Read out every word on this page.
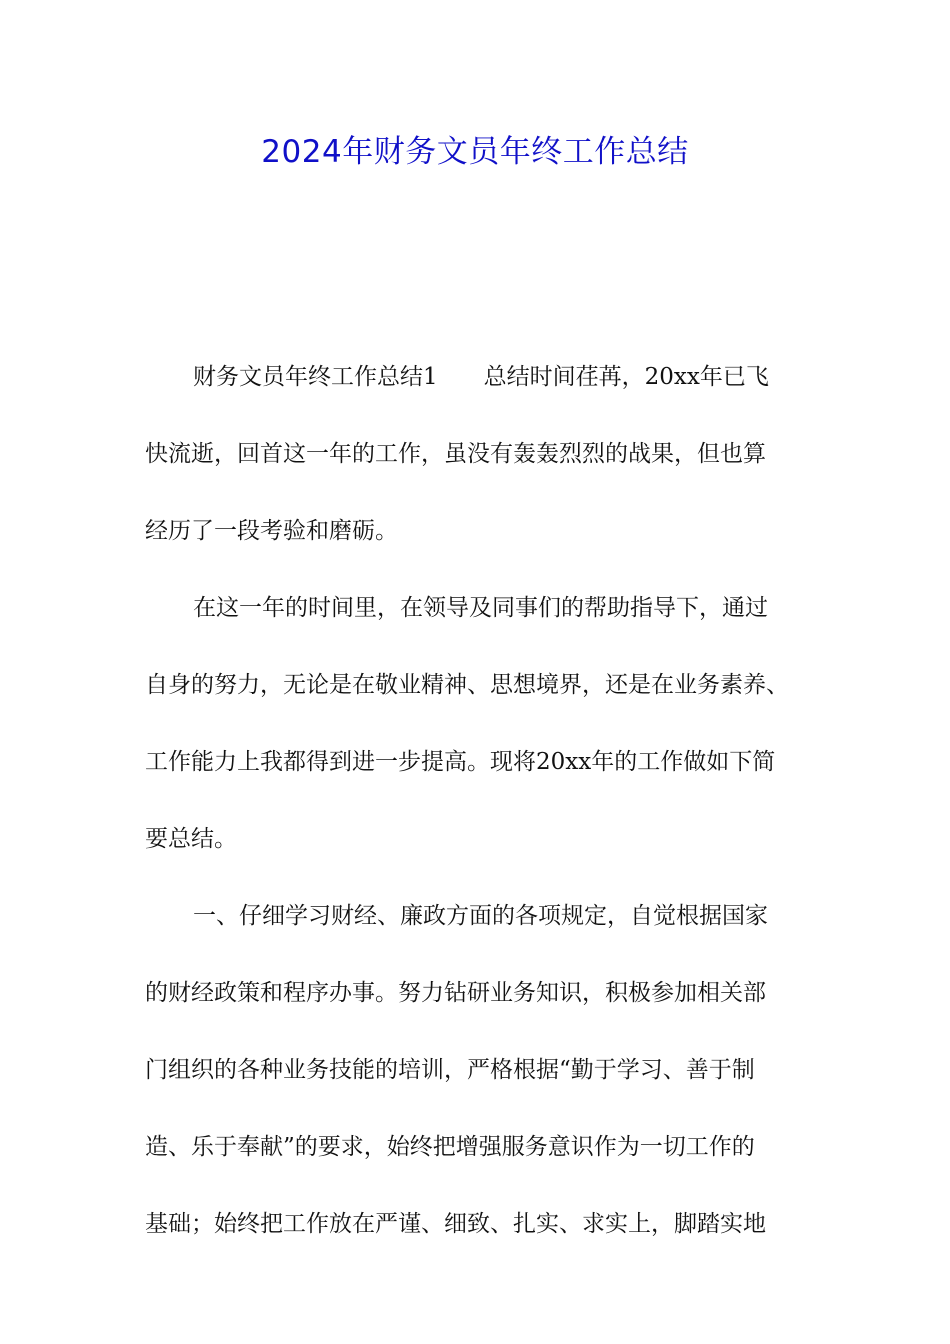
2024年财务文员年终工作总结
财务文员年终工作总结1　　总结时间荏苒，20xx年已飞
快流逝，回首这一年的工作，虽没有轰轰烈烈的战果，但也算
经历了一段考验和磨砺。
在这一年的时间里，在领导及同事们的帮助指导下，通过
自身的努力，无论是在敬业精神、思想境界，还是在业务素养、
工作能力上我都得到进一步提高。现将20xx年的工作做如下简
要总结。
一、仔细学习财经、廉政方面的各项规定，自觉根据国家
的财经政策和程序办事。努力钻研业务知识，积极参加相关部
门组织的各种业务技能的培训，严格根据“勤于学习、善于制
造、乐于奉献”的要求，始终把增强服务意识作为一切工作的
基础；始终把工作放在严谨、细致、扎实、求实上，脚踏实地
